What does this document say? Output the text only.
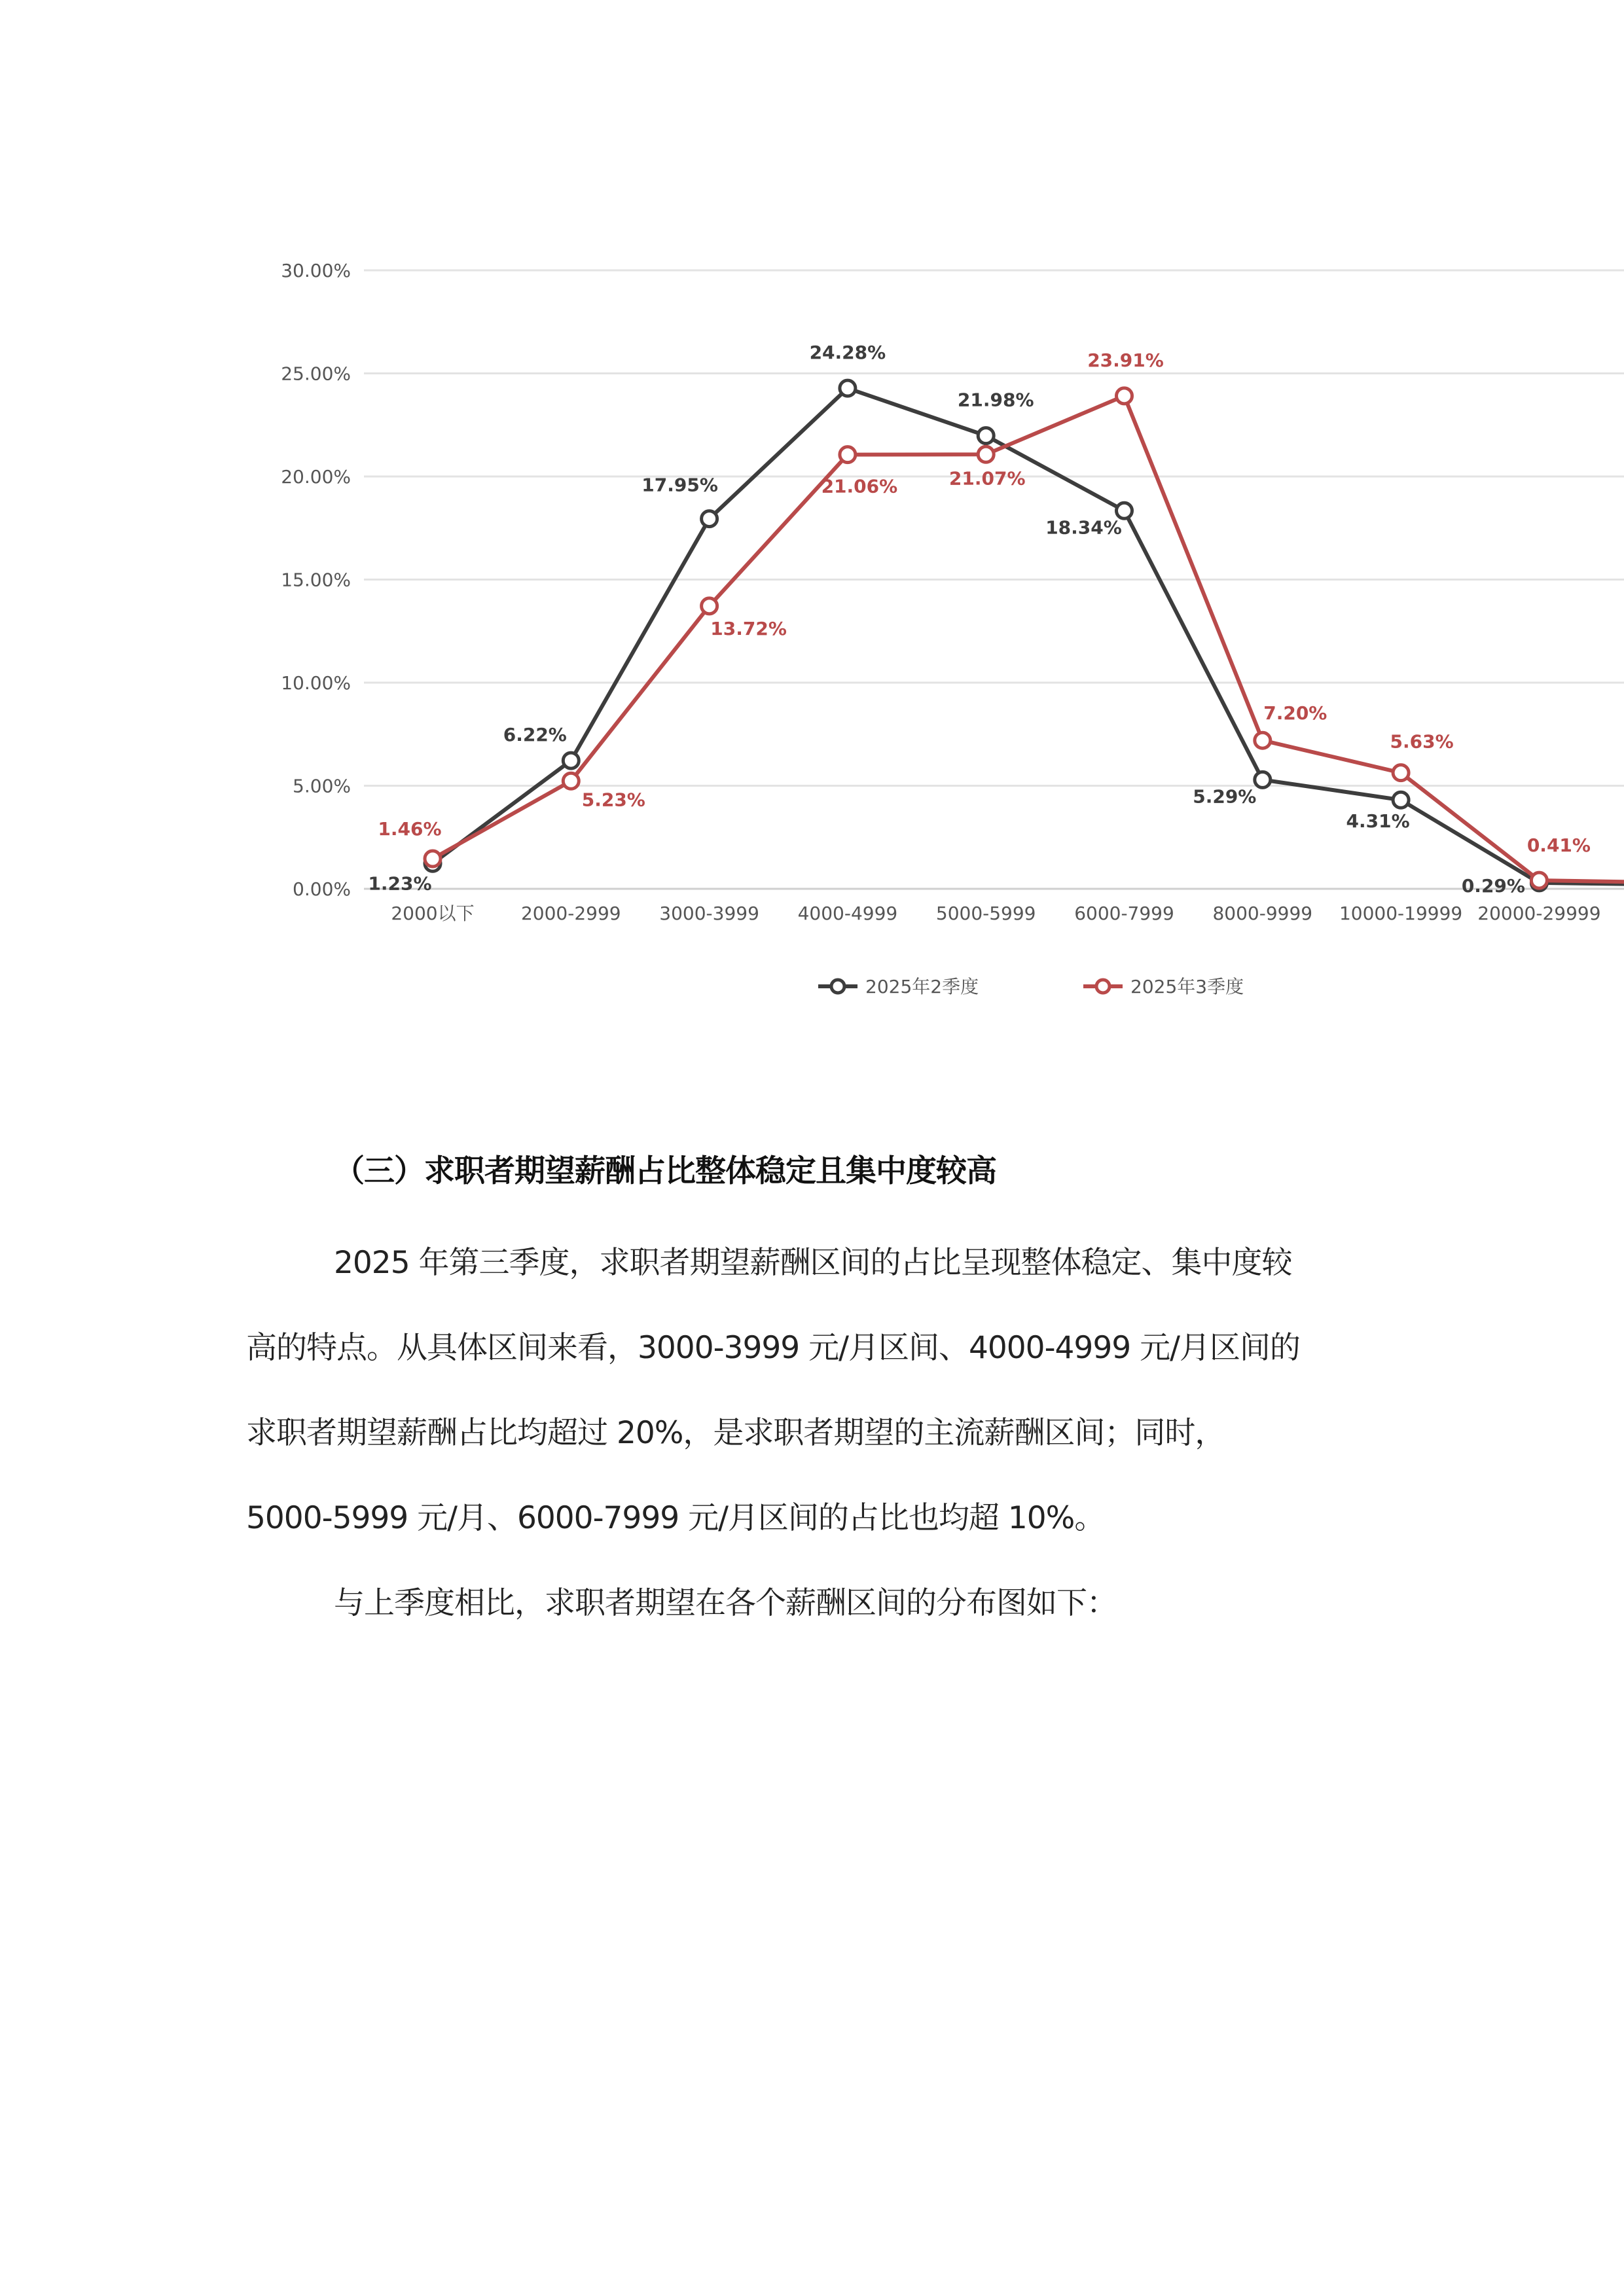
0.00%
5.00%
10.00%
15.00%
20.00%
25.00%
30.00%
2000以下	2000-2999 3000-3999 4000-4999 5000-5999 6000-7999 8000-9999 10000-19999 20000-29999
1.23%
6.22%
17.95%
24.28%
21.98%
18.34%
5.29%
4.31%
0.29%
1.46%
5.23%
13.72%
21.06%	21.07%
23.91%
7.20%
5.63%
0.41%
2025年2季度	2025年3季度
（三）求职者期望薪酬占比整体稳定且集中度较高
2025 年第三季度，求职者期望薪酬区间的占比呈现整体稳定、集中度较
高的特点。从具体区间来看，3000-3999 元/月区间、4000-4999 元/月区间的
求职者期望薪酬占比均超过 20%，是求职者期望的主流薪酬区间；同时，
5000-5999 元/月、6000-7999 元/月区间的占比也均超 10%。
与上季度相比，求职者期望在各个薪酬区间的分布图如下：
